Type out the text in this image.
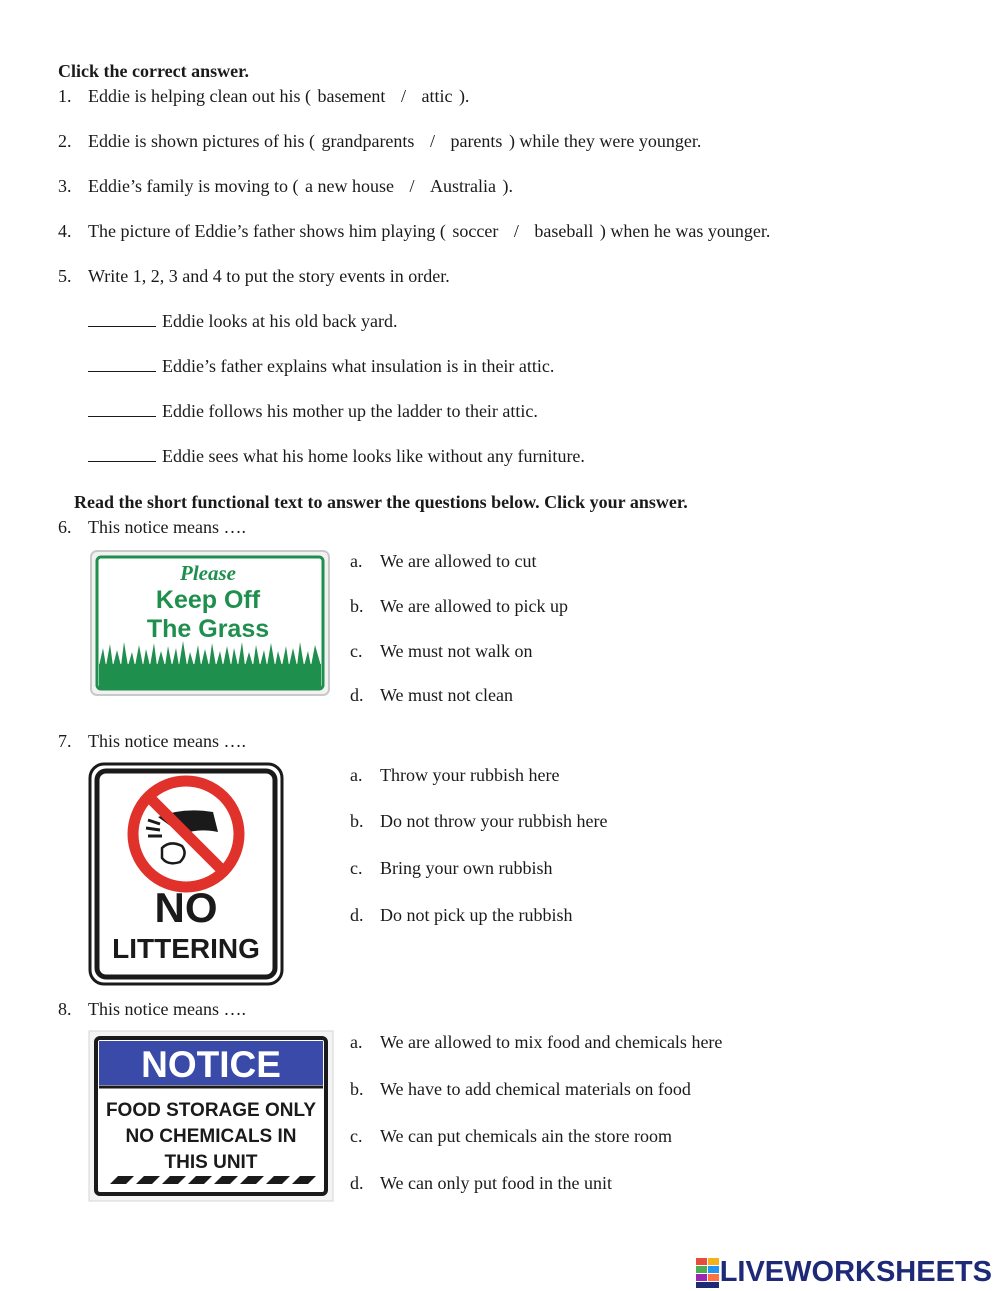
Click the correct answer.
1. Eddie is helping clean out his ( basement / attic ).
2. Eddie is shown pictures of his ( grandparents / parents ) while they were younger.
3. Eddie’s family is moving to ( a new house / Australia ).
4. The picture of Eddie’s father shows him playing ( soccer / baseball ) when he was younger.
5. Write 1, 2, 3 and 4 to put the story events in order.
Eddie looks at his old back yard.
Eddie’s father explains what insulation is in their attic.
Eddie follows his mother up the ladder to their attic.
Eddie sees what his home looks like without any furniture.
Read the short functional text to answer the questions below. Click your answer.
6. This notice means ….
Please
Keep Off
The Grass
a. We are allowed to cut
b. We are allowed to pick up
c. We must not walk on
d. We must not clean
7. This notice means ….
NO
LITTERING
a. Throw your rubbish here
b. Do not throw your rubbish here
c. Bring your own rubbish
d. Do not pick up the rubbish
8. This notice means ….
NOTICE
FOOD STORAGE ONLY
NO CHEMICALS IN
THIS UNIT
a. We are allowed to mix food and chemicals here
b. We have to add chemical materials on food
c. We can put chemicals ain the store room
d. We can only put food in the unit
LIVEWORKSHEETS
